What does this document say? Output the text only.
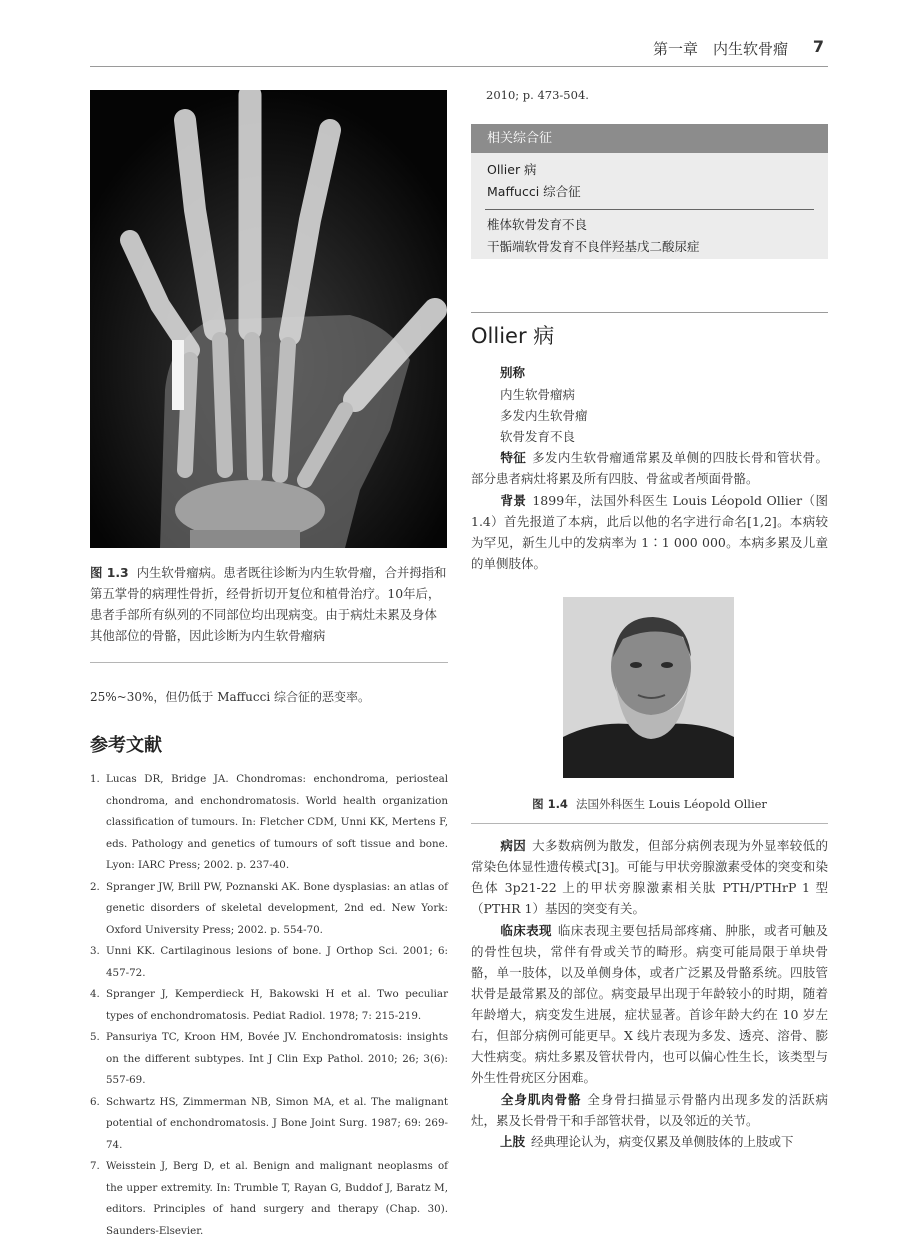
第一章　内生软骨瘤 7
图 1.3 内生软骨瘤病。患者既往诊断为内生软骨瘤，合并拇指和第五掌骨的病理性骨折，经骨折切开复位和植骨治疗。10年后，患者手部所有纵列的不同部位均出现病变。由于病灶未累及身体其他部位的骨骼，因此诊断为内生软骨瘤病
25%~30%，但仍低于 Maffucci 综合征的恶变率。
参考文献
1. Lucas DR, Bridge JA. Chondromas: enchondroma, periosteal chondroma, and enchondromatosis. World health organization classification of tumours. In: Fletcher CDM, Unni KK, Mertens F, eds. Pathology and genetics of tumours of soft tissue and bone. Lyon: IARC Press; 2002. p. 237-40.
2. Spranger JW, Brill PW, Poznanski AK. Bone dysplasias: an atlas of genetic disorders of skeletal development, 2nd ed. New York: Oxford University Press; 2002. p. 554-70.
3. Unni KK. Cartilaginous lesions of bone. J Orthop Sci. 2001; 6: 457-72.
4. Spranger J, Kemperdieck H, Bakowski H et al. Two peculiar types of enchondromatosis. Pediat Radiol. 1978; 7: 215-219.
5. Pansuriya TC, Kroon HM, Bovée JV. Enchondromatosis: insights on the different subtypes. Int J Clin Exp Pathol. 2010; 26; 3(6): 557-69.
6. Schwartz HS, Zimmerman NB, Simon MA, et al. The malignant potential of enchondromatosis. J Bone Joint Surg. 1987; 69: 269-74.
7. Weisstein J, Berg D, et al. Benign and malignant neoplasms of the upper extremity. In: Trumble T, Rayan G, Buddof J, Baratz M, editors. Principles of hand surgery and therapy (Chap. 30). Saunders-Elsevier.
2010; p. 473-504.
相关综合征
Ollier 病
Maffucci 综合征
椎体软骨发育不良
干骺端软骨发育不良伴羟基戊二酸尿症
Ollier 病
别称
内生软骨瘤病
多发内生软骨瘤
软骨发育不良
特征 多发内生软骨瘤通常累及单侧的四肢长骨和管状骨。部分患者病灶将累及所有四肢、骨盆或者颅面骨骼。
背景 1899年，法国外科医生 Louis Léopold Ollier（图 1.4）首先报道了本病，此后以他的名字进行命名[1,2]。本病较为罕见，新生儿中的发病率为 1∶1 000 000。本病多累及儿童的单侧肢体。
图 1.4 法国外科医生 Louis Léopold Ollier
病因 大多数病例为散发，但部分病例表现为外显率较低的常染色体显性遗传模式[3]。可能与甲状旁腺激素受体的突变和染色体 3p21-22 上的甲状旁腺激素相关肽 PTH/PTHrP 1 型（PTHR 1）基因的突变有关。
临床表现 临床表现主要包括局部疼痛、肿胀，或者可触及的骨性包块，常伴有骨或关节的畸形。病变可能局限于单块骨骼，单一肢体，以及单侧身体，或者广泛累及骨骼系统。四肢管状骨是最常累及的部位。病变最早出现于年龄较小的时期，随着年龄增大，病变发生进展，症状显著。首诊年龄大约在 10 岁左右，但部分病例可能更早。X 线片表现为多发、透亮、溶骨、膨大性病变。病灶多累及管状骨内，也可以偏心性生长，该类型与外生性骨疣区分困难。
全身肌肉骨骼 全身骨扫描显示骨骼内出现多发的活跃病灶，累及长骨骨干和手部管状骨，以及邻近的关节。
上肢 经典理论认为，病变仅累及单侧肢体的上肢或下
